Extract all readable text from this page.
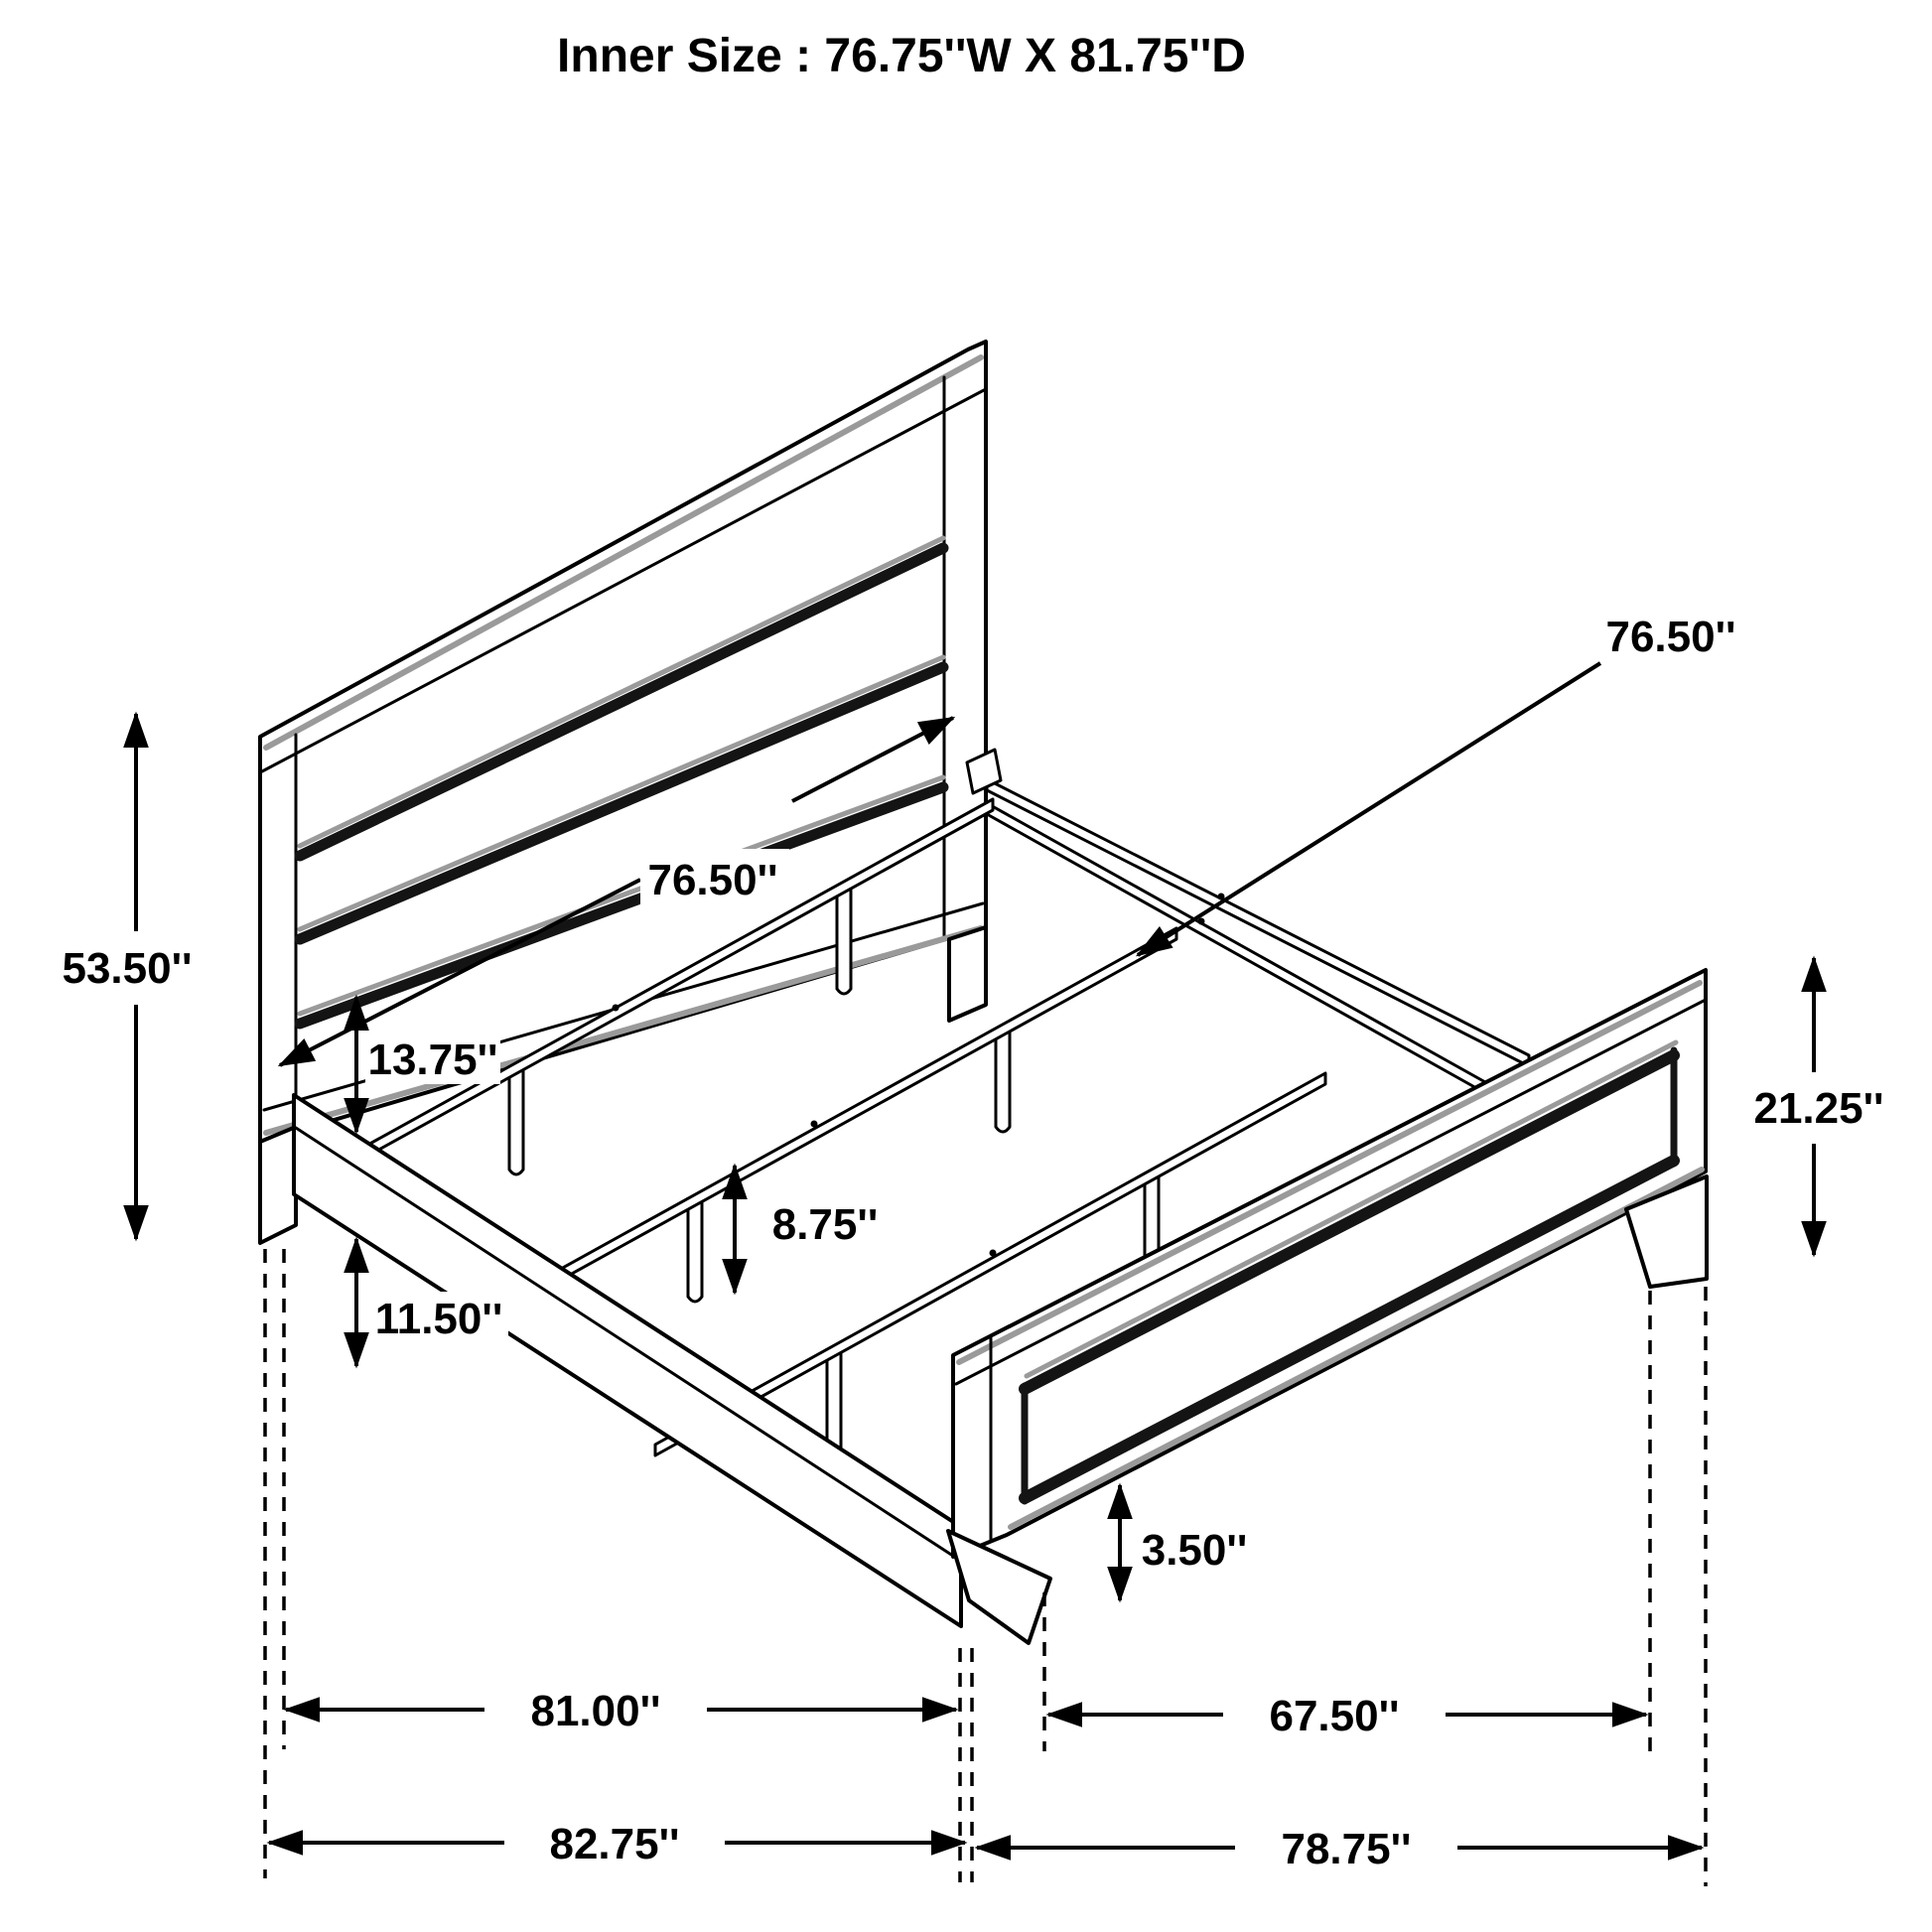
Inner Size : 76.75''W X 81.75''D
53.50''
76.50''
76.50''
13.75''
11.50''
8.75''
21.25''
3.50''
81.00''	67.50''
82.75''	78.75''
